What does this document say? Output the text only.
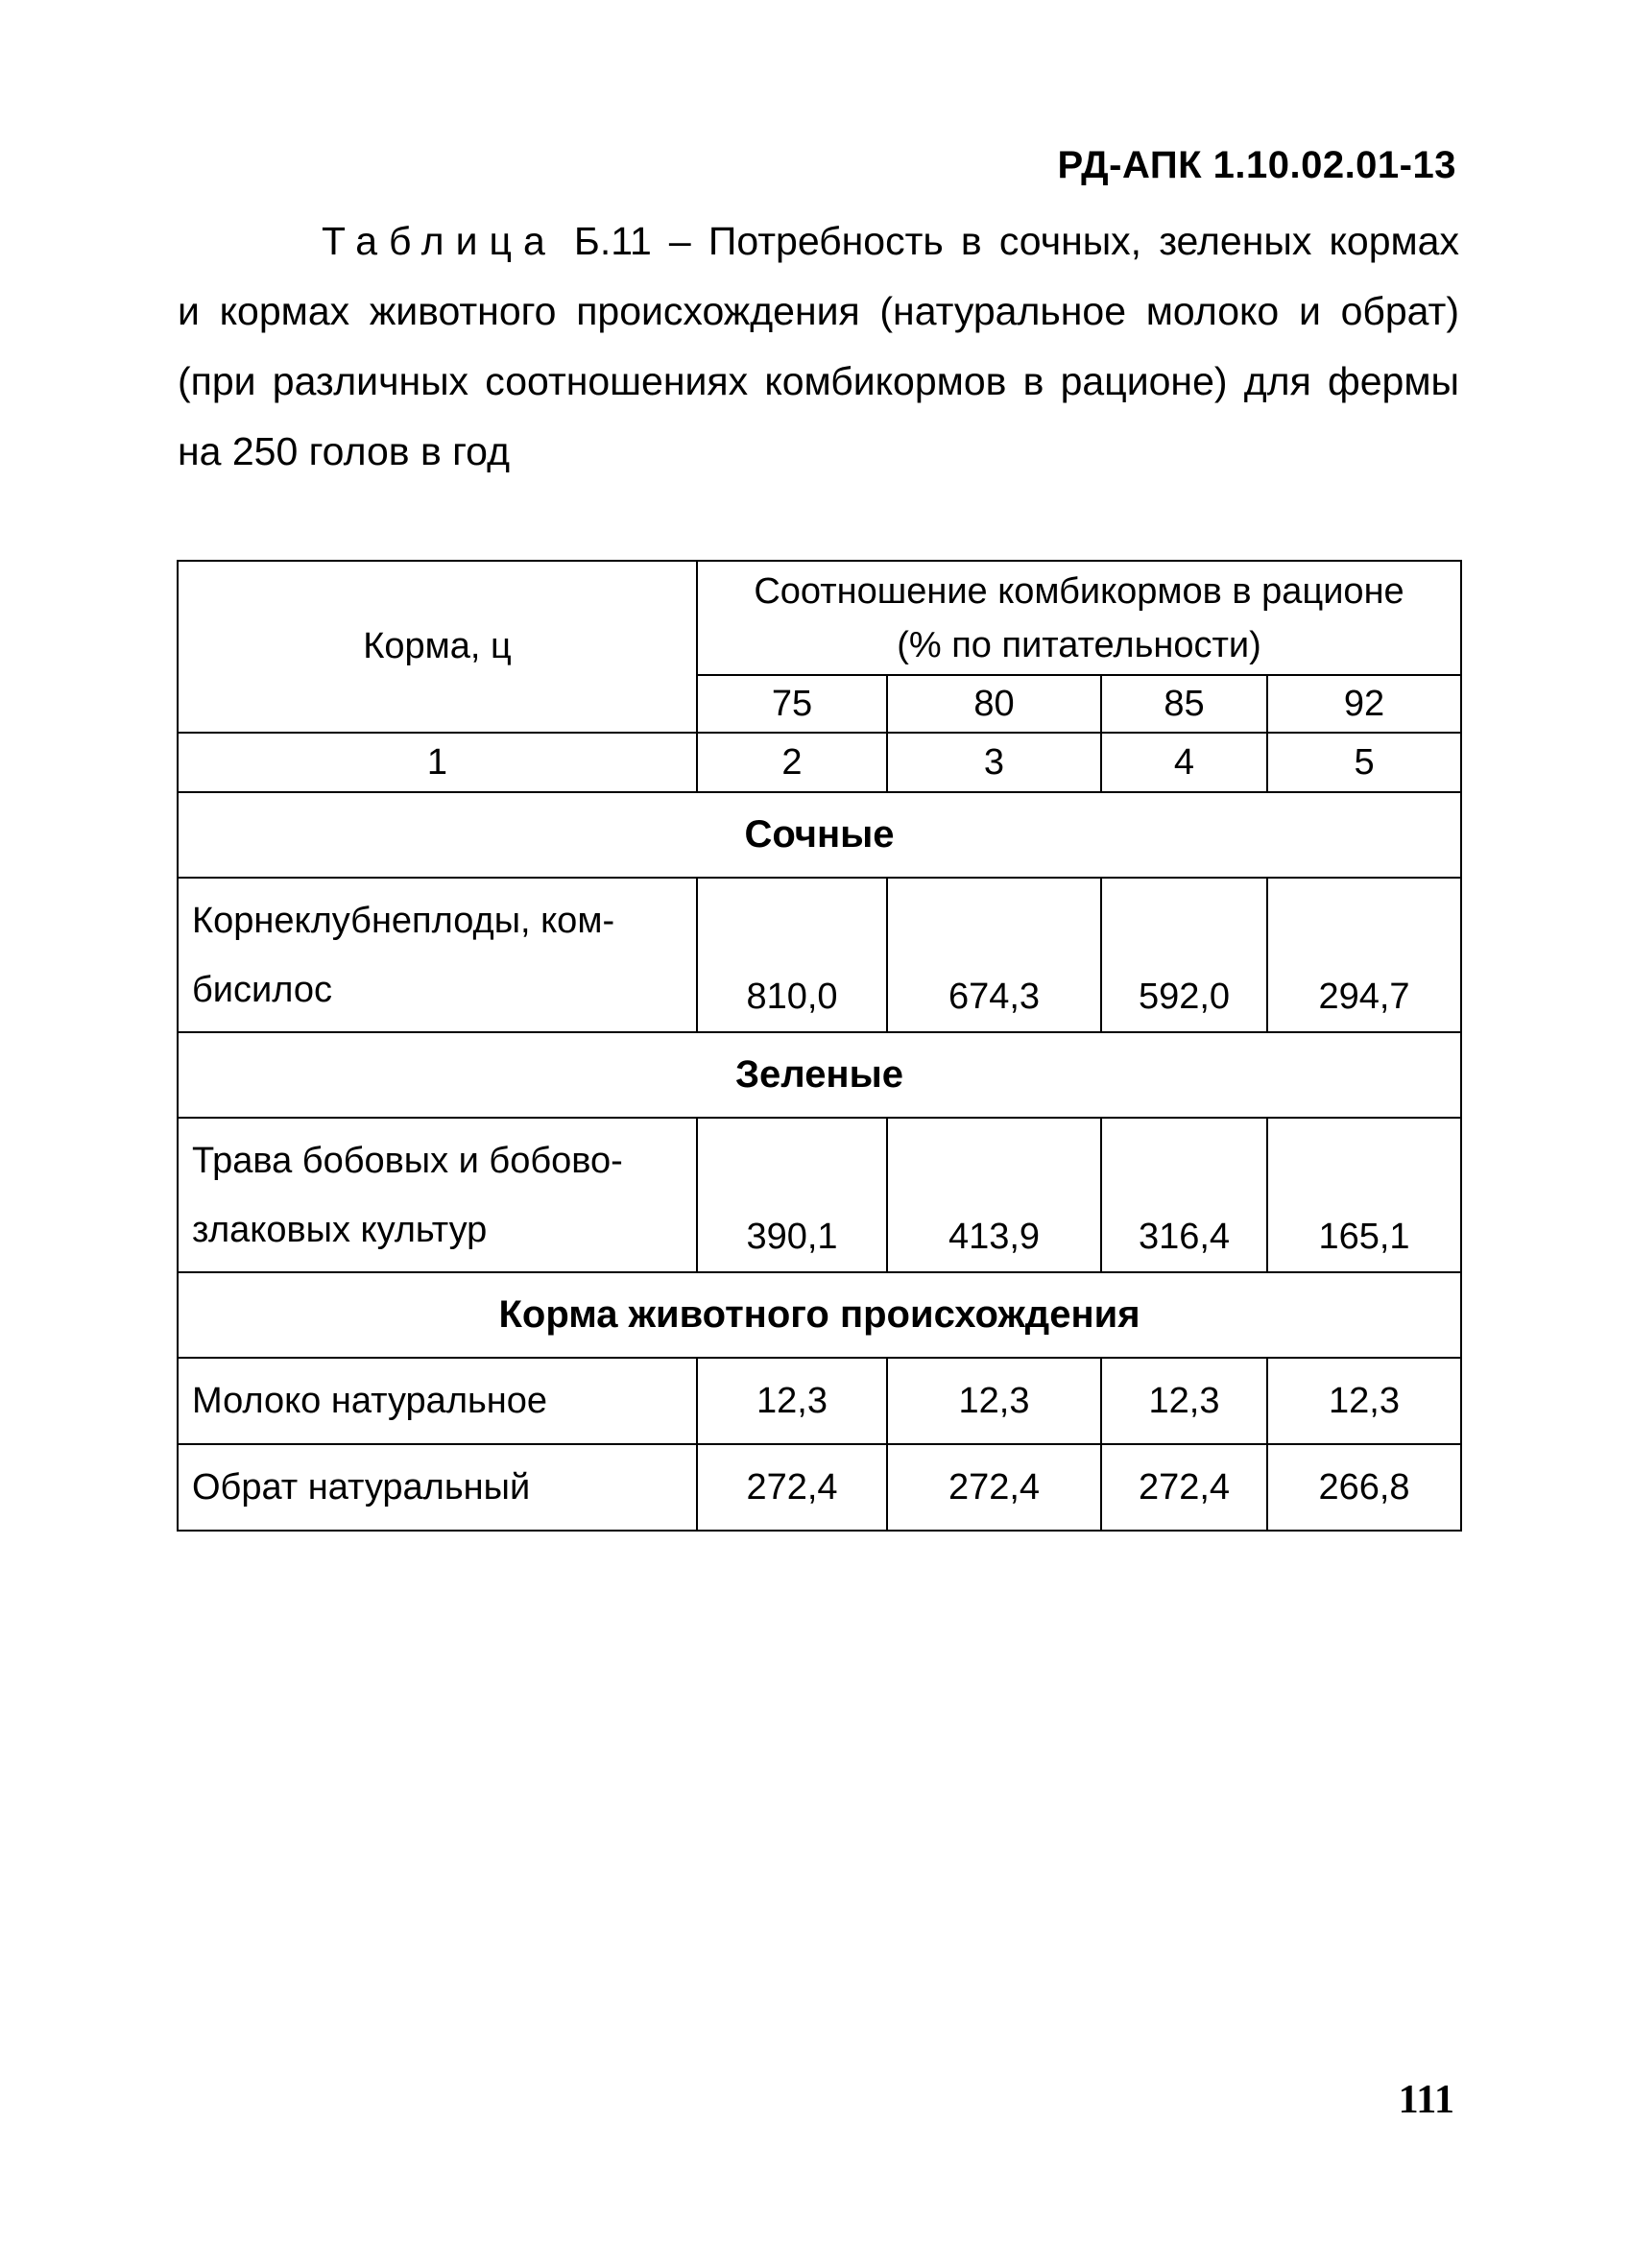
РД-АПК 1.10.02.01-13
Таблица Б.11 – Потребность в сочных, зеленых кормах
и кормах животного происхождения (натуральное молоко и обрат)
(при различных соотношениях комбикормов в рационе) для фермы
на 250 голов в год
Корма, ц	Соотношение комбикормов в рационе
(% по питательности)			
	75	80	85	92
1	2	3	4	5
Сочные				
Корнеклубнеплоды, ком-
бисилос	810,0	674,3	592,0	294,7
Зеленые				
Трава бобовых и бобово-
злаковых культур	390,1	413,9	316,4	165,1
Корма животного происхождения				
Молоко натуральное	12,3	12,3	12,3	12,3
Обрат натуральный	272,4	272,4	272,4	266,8
111
